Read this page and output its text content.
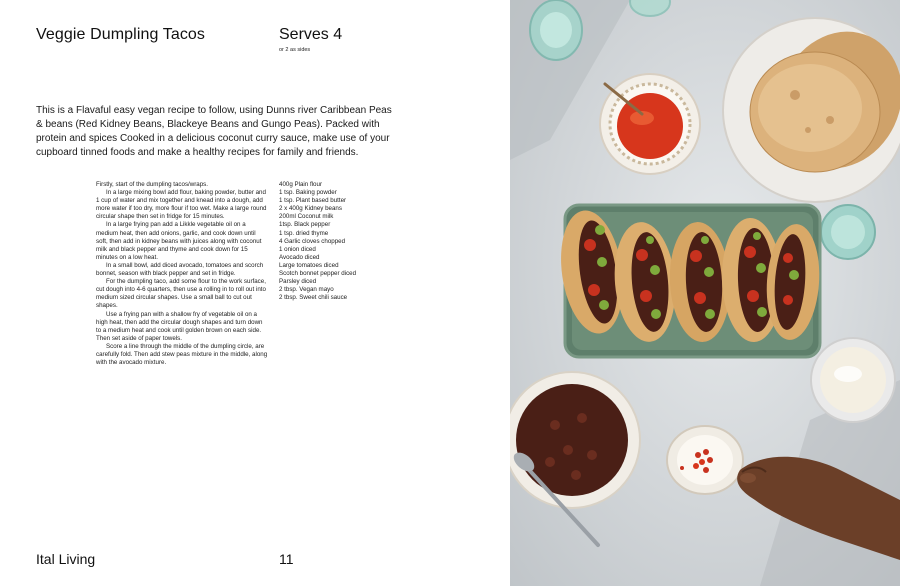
Veggie Dumpling Tacos	Serves 4
or 2 as sides

This is a Flavaful easy vegan recipe to follow, using Dunns river Caribbean Peas & beans (Red Kidney Beans, Blackeye Beans and Gungo Peas). Packed with protein and spices Cooked in a delicious coconut curry sauce, make use of your cupboard tinned foods and make a healthy recipes for family and friends.

Firstly, start of the dumpling tacos/wraps.

In a large mixing bowl add flour, baking powder, butter and 1 cup of water and mix together and knead into a dough, add more water if too dry, more flour if too wet. Make a large round circular shape then set in fridge for 15 minutes.

In a large frying pan add a Likkle vegetable oil on a medium heat, then add onions, garlic, and cook down until soft, then add in kidney beans with juices along with coconut milk and black pepper and thyme and cook down for 15 minutes on a low heat.

In a small bowl, add diced avocado, tomatoes and scorch bonnet, season with black pepper and set in fridge.

For the dumpling taco, add some flour to the work surface, cut dough into 4-6 quarters, then use a rolling in to roll out into medium sized circular shapes. Use a small ball to cut out shapes.

Use a frying pan with a shallow fry of vegetable oil on a high heat, then add the circular dough shapes and turn down to a medium heat and cook until golden brown on each side. Then set aside of paper towels.

Score a line through the middle of the dumpling circle, are carefully fold. Then add stew peas mixture in the middle, along with the avocado mixture.

400g Plain flour
1 tsp. Baking powder
1 tsp. Plant based butter
2 x 400g Kidney beans
200ml Coconut milk
1tsp. Black pepper
1 tsp. dried thyme
4 Garlic cloves chopped
1 onion diced
Avocado diced
Large tomatoes diced
Scotch bonnet pepper diced
Parsley diced
2 tbsp. Vegan mayo
2 tbsp. Sweet chili sauce
Ital Living	11
